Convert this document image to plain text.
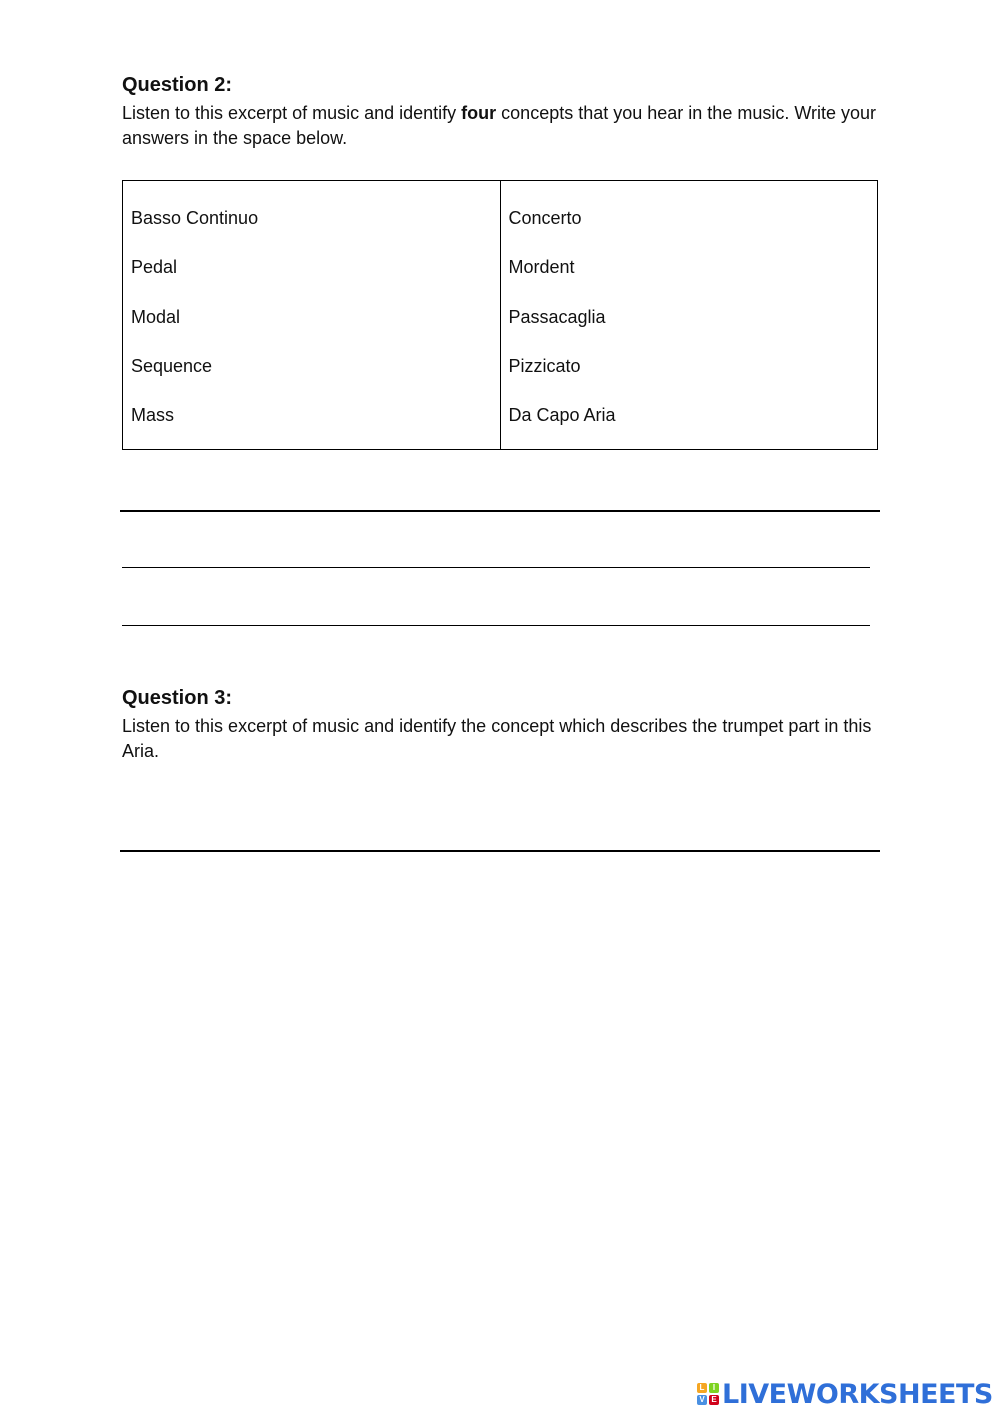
Question 2:
Listen to this excerpt of music and identify four concepts that you hear in the music. Write your answers in the space below.
Basso Continuo
Pedal
Modal
Sequence
Mass
Concerto
Mordent
Passacaglia
Pizzicato
Da Capo Aria
Question 3:
Listen to this excerpt of music and identify the concept which describes the trumpet part in this Aria.
L	I
V E LIVEWORKSHEETS
